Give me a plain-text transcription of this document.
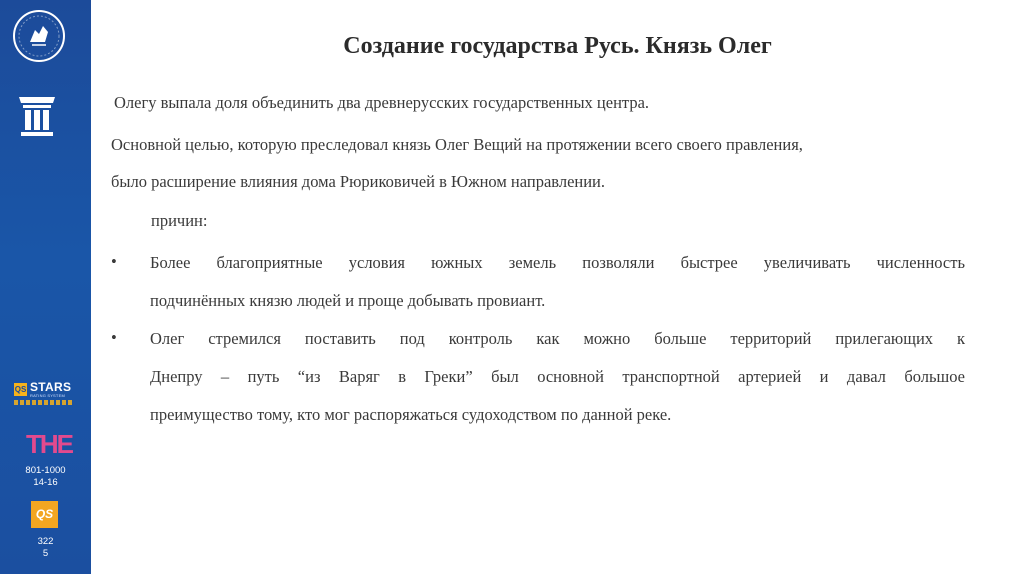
QS STARS
RATING SYSTEM
THE
801-1000
14-16
QS
322
5
Создание государства Русь. Князь Олег
Олегу выпала доля объединить два древнерусских государственных центра.
Основной целью, которую преследовал князь Олег Вещий на протяжении всего своего правления,
было расширение влияния дома Рюриковичей в Южном направлении.
причин:
• Более благоприятные условия южных земель позволяли быстрее увеличивать численность
подчинённых князю людей и проще добывать провиант.
• Олег стремился поставить под контроль как можно больше территорий прилегающих к
Днепру – путь “из Варяг в Греки” был основной транспортной артерией и давал большое
преимущество тому, кто мог распоряжаться судоходством по данной реке.
